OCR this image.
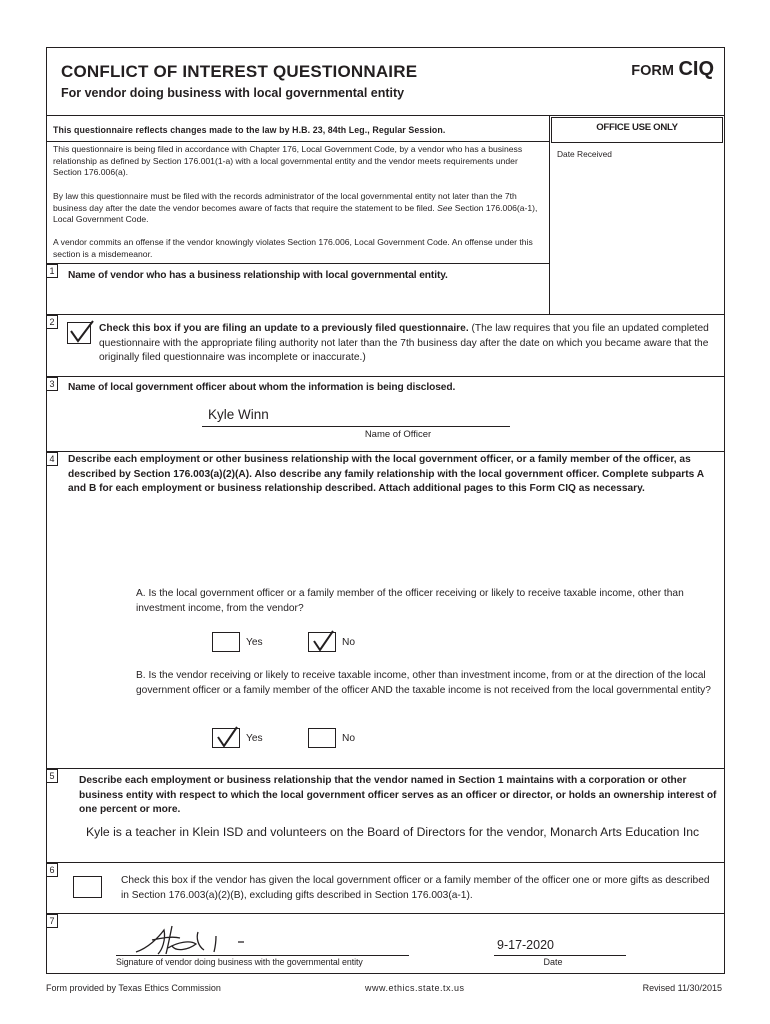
CONFLICT OF INTEREST QUESTIONNAIRE
For vendor doing business with local governmental entity
FORM CIQ
This questionnaire reflects changes made to the law by H.B. 23, 84th Leg., Regular Session.
This questionnaire is being filed in accordance with Chapter 176, Local Government Code, by a vendor who has a business relationship as defined by Section 176.001(1-a) with a local governmental entity and the vendor meets requirements under Section 176.006(a).
By law this questionnaire must be filed with the records administrator of the local governmental entity not later than the 7th business day after the date the vendor becomes aware of facts that require the statement to be filed. See Section 176.006(a-1), Local Government Code.
A vendor commits an offense if the vendor knowingly violates Section 176.006, Local Government Code. An offense under this section is a misdemeanor.
OFFICE USE ONLY
Date Received
1	Name of vendor who has a business relationship with local governmental entity.
2
Check this box if you are filing an update to a previously filed questionnaire. (The law requires that you file an updated completed questionnaire with the appropriate filing authority not later than the 7th business day after the date on which you became aware that the originally filed questionnaire was incomplete or inaccurate.)
3	Name of local government officer about whom the information is being disclosed.
Kyle Winn
Name of Officer
4	Describe each employment or other business relationship with the local government officer, or a family member of the officer, as described by Section 176.003(a)(2)(A). Also describe any family relationship with the local government officer. Complete subparts A and B for each employment or business relationship described. Attach additional pages to this Form CIQ as necessary.
A. Is the local government officer or a family member of the officer receiving or likely to receive taxable income, other than investment income, from the vendor?
Yes	No
B. Is the vendor receiving or likely to receive taxable income, other than investment income, from or at the direction of the local government officer or a family member of the officer AND the taxable income is not received from the local governmental entity?
Yes	No
5	Describe each employment or business relationship that the vendor named in Section 1 maintains with a corporation or other business entity with respect to which the local government officer serves as an officer or director, or holds an ownership interest of one percent or more.
Kyle is a teacher in Klein ISD and volunteers on the Board of Directors for the vendor, Monarch Arts Education Inc
6
Check this box if the vendor has given the local government officer or a family member of the officer one or more gifts as described in Section 176.003(a)(2)(B), excluding gifts described in Section 176.003(a-1).
7
Signature of vendor doing business with the governmental entity
9-17-2020
Date
Form provided by Texas Ethics Commission	www.ethics.state.tx.us	Revised 11/30/2015
